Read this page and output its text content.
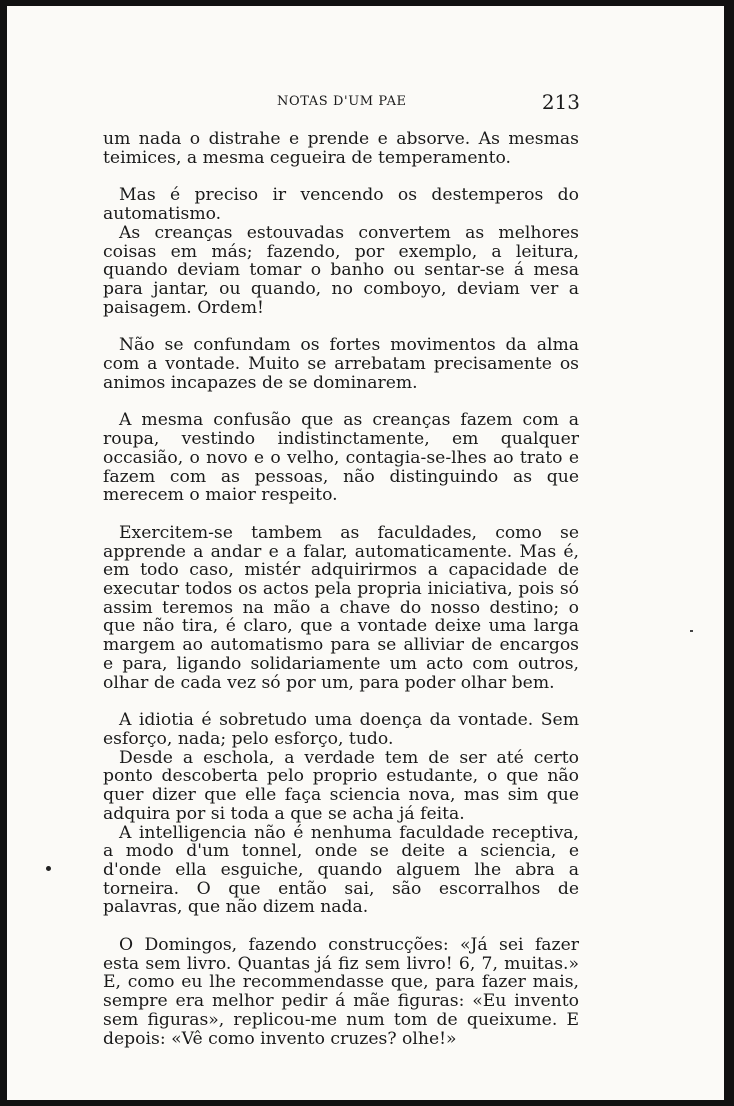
NOTAS D'UM PAE	213

um nada o distrahe e prende e absorve. As mesmas teimices, a mesma cegueira de temperamento.

Mas é preciso ir vencendo os destemperos do automatismo.

As creanças estouvadas convertem as melhores coisas em más; fazendo, por exemplo, a leitura, quando deviam tomar o banho ou sentar-se á mesa para jantar, ou quando, no comboyo, deviam ver a paisagem. Ordem!

Não se confundam os fortes movimentos da alma com a vontade. Muito se arrebatam precisamente os animos incapazes de se dominarem.

A mesma confusão que as creanças fazem com a roupa, vestindo indistinctamente, em qualquer occasião, o novo e o velho, contagia-se-lhes ao trato e fazem com as pessoas, não distinguindo as que merecem o maior respeito.

Exercitem-se tambem as faculdades, como se apprende a andar e a falar, automaticamente. Mas é, em todo caso, mistér adquirirmos a capacidade de executar todos os actos pela propria iniciativa, pois só assim teremos na mão a chave do nosso destino; o que não tira, é claro, que a vontade deixe uma larga margem ao automatismo para se alliviar de encargos e para, ligando solidariamente um acto com outros, olhar de cada vez só por um, para poder olhar bem.

A idiotia é sobretudo uma doença da vontade. Sem esforço, nada; pelo esforço, tudo.

Desde a eschola, a verdade tem de ser até certo ponto descoberta pelo proprio estudante, o que não quer dizer que elle faça sciencia nova, mas sim que adquira por si toda a que se acha já feita.

A intelligencia não é nenhuma faculdade receptiva, a modo d'um tonnel, onde se deite a sciencia, e d'onde ella esguiche, quando alguem lhe abra a torneira. O que então sai, são escorralhos de palavras, que não dizem nada.

O Domingos, fazendo construcções: «Já sei fazer esta sem livro. Quantas já fiz sem livro! 6, 7, muitas.» E, como eu lhe recommendasse que, para fazer mais, sempre era melhor pedir á mãe figuras: «Eu invento sem figuras», replicou-me num tom de queixume. E depois: «Vê como invento cruzes? olhe!»
